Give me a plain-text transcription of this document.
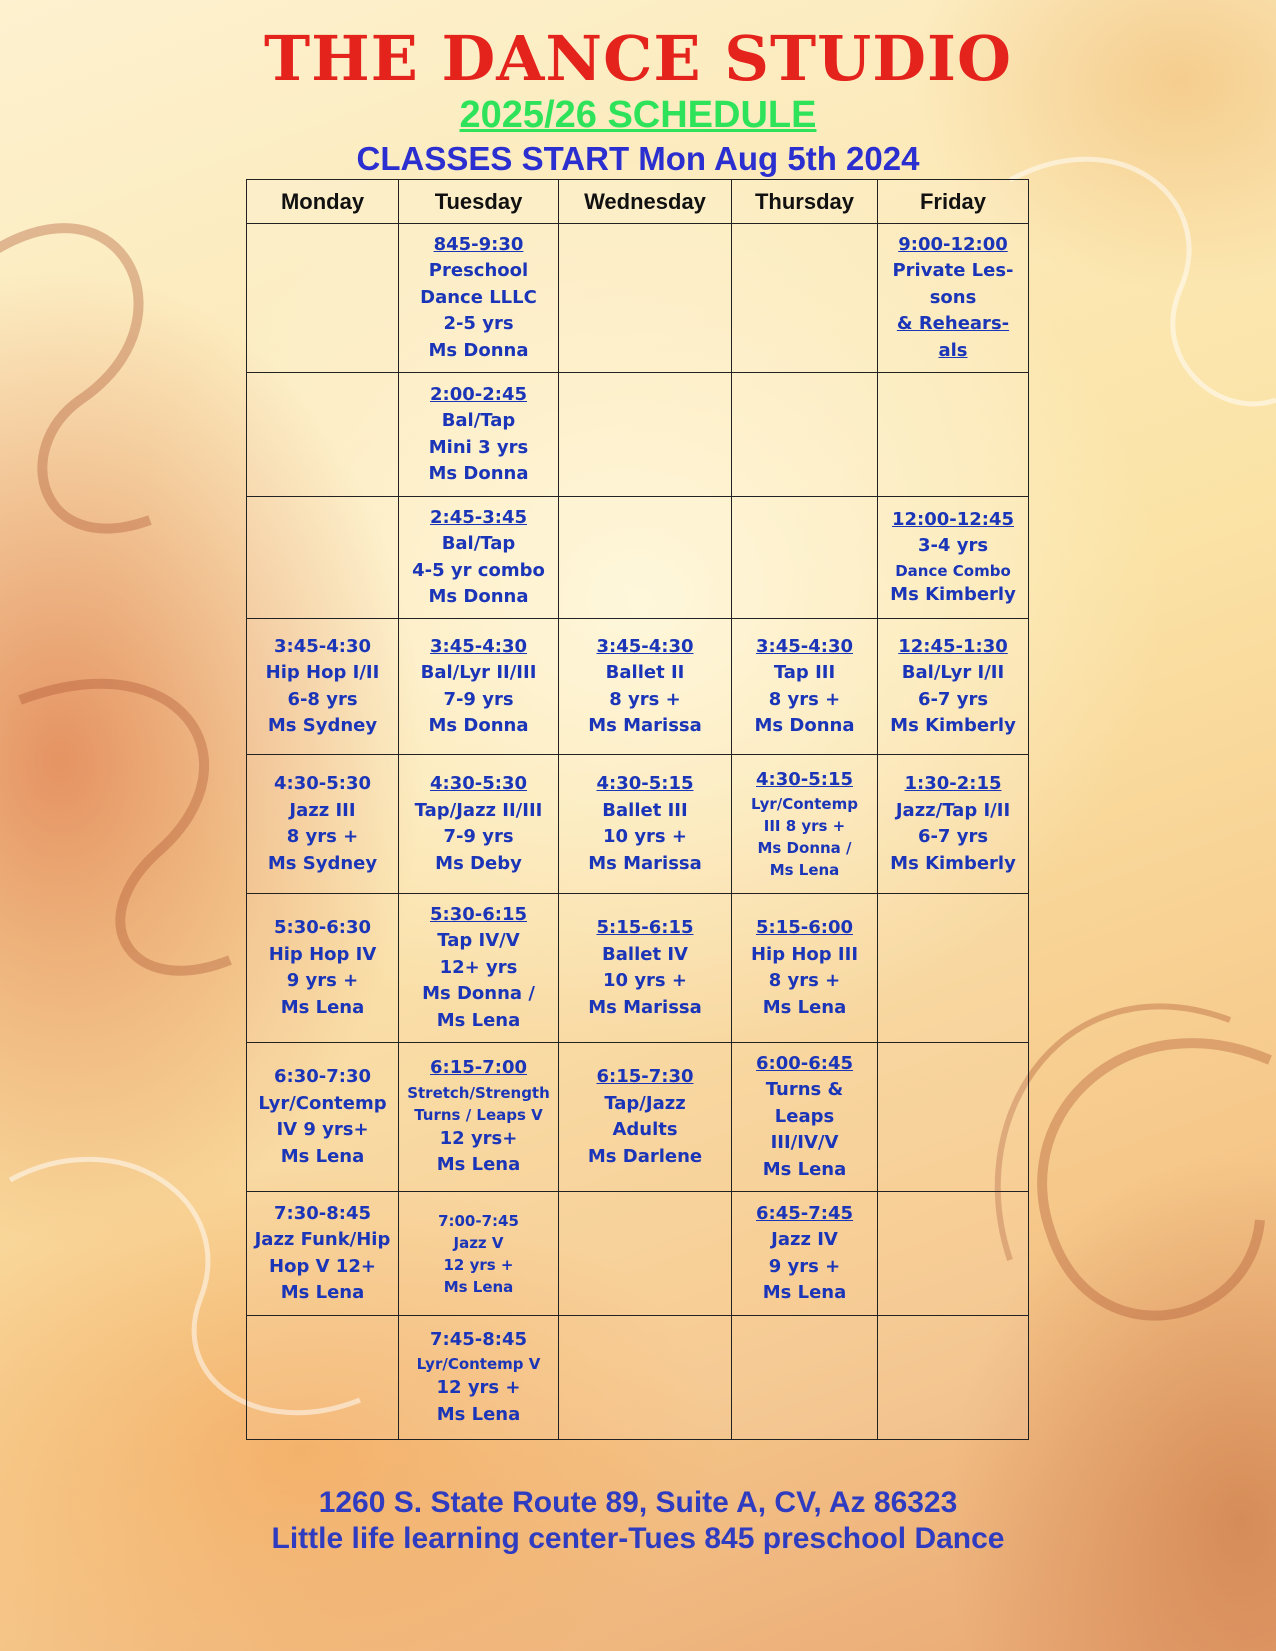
THE DANCE STUDIO
2025/26 SCHEDULE
CLASSES START Mon Aug 5th 2024
Monday	Tuesday	Wednesday	Thursday	Friday

	845-9:30
Preschool
Dance LLLC
2-5 yrs
Ms Donna			9:00-12:00
Private Les-
sons
& Rehears-
als

	2:00-2:45
Bal/Tap
Mini 3 yrs
Ms Donna			

	2:45-3:45
Bal/Tap
4-5 yr combo
Ms Donna			12:00-12:45
3-4 yrs
Dance Combo
Ms Kimberly

3:45-4:30
Hip Hop I/II
6-8 yrs
Ms Sydney	3:45-4:30
Bal/Lyr II/III
7-9 yrs
Ms Donna	3:45-4:30
Ballet II
8 yrs +
Ms Marissa	3:45-4:30
Tap III
8 yrs +
Ms Donna	12:45-1:30
Bal/Lyr I/II
6-7 yrs
Ms Kimberly

4:30-5:30
Jazz III
8 yrs +
Ms Sydney	4:30-5:30
Tap/Jazz II/III
7-9 yrs
Ms Deby	4:30-5:15
Ballet III
10 yrs +
Ms Marissa	4:30-5:15
Lyr/Contemp
III 8 yrs +
Ms Donna /
Ms Lena	1:30-2:15
Jazz/Tap I/II
6-7 yrs
Ms Kimberly

5:30-6:30
Hip Hop IV
9 yrs +
Ms Lena	5:30-6:15
Tap IV/V
12+ yrs
Ms Donna /
Ms Lena	5:15-6:15
Ballet IV
10 yrs +
Ms Marissa	5:15-6:00
Hip Hop III
8 yrs +
Ms Lena	

6:30-7:30
Lyr/Contemp
IV 9 yrs+
Ms Lena	6:15-7:00
Stretch/Strength
Turns / Leaps V
12 yrs+
Ms Lena	6:15-7:30
Tap/Jazz
Adults
Ms Darlene	6:00-6:45
Turns &
Leaps
III/IV/V
Ms Lena	

7:30-8:45
Jazz Funk/Hip
Hop V 12+
Ms Lena	7:00-7:45
Jazz V
12 yrs +
Ms Lena		6:45-7:45
Jazz IV
9 yrs +
Ms Lena	

	7:45-8:45
Lyr/Contemp V
12 yrs +
Ms Lena			

1260 S. State Route 89, Suite A, CV, Az 86323
Little life learning center-Tues 845 preschool Dance
